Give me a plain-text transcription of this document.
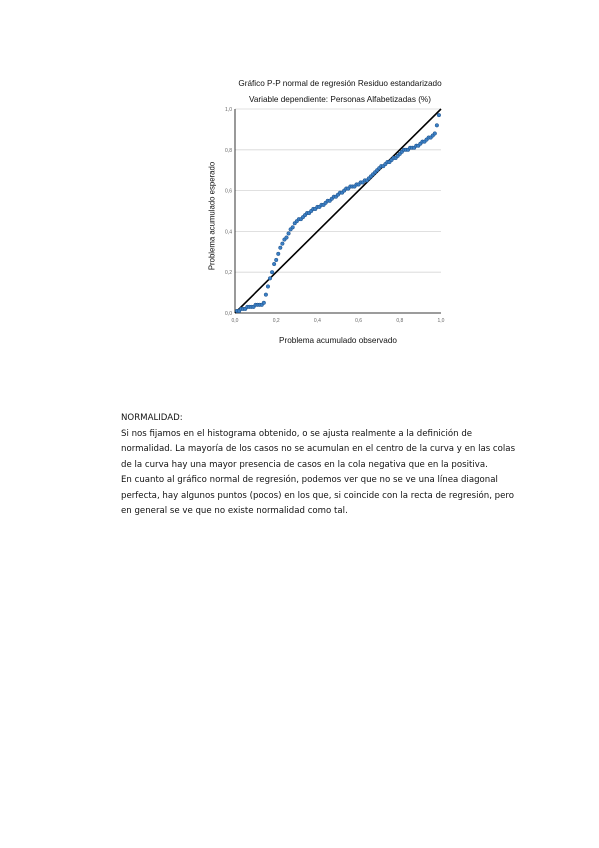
Gráfico P-P normal de regresión Residuo estandarizado
Variable dependiente: Personas Alfabetizadas (%)
0,0
0,2
0,4
0,6
0,8
1,0
0,0	0,2	0,4	0,6	0,8	1,0
Problema acumulado esperado
Problema acumulado observado

NORMALIDAD:

Si nos fijamos en el histograma obtenido, o se ajusta realmente a la definición de normalidad. La mayoría de los casos no se acumulan en el centro de la curva y en las colas de la curva hay una mayor presencia de casos en la cola negativa que en la positiva.

En cuanto al gráfico normal de regresión, podemos ver que no se ve una línea diagonal perfecta, hay algunos puntos (pocos) en los que, si coincide con la recta de regresión, pero en general se ve que no existe normalidad como tal.
